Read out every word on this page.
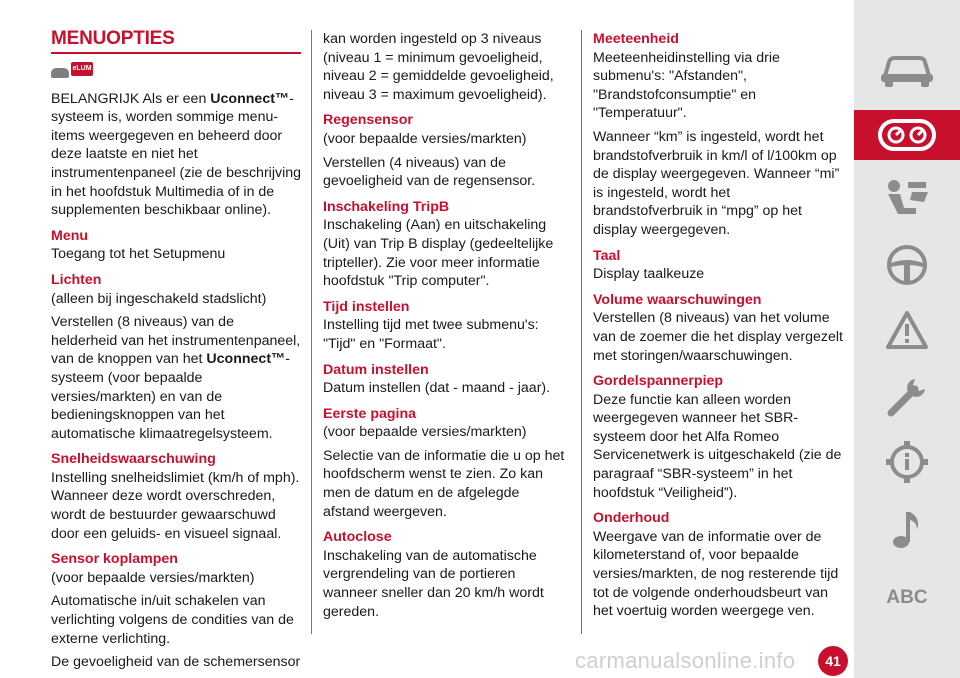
MENUOPTIES
eLUM

BELANGRIJK Als er een Uconnect™-systeem is, worden sommige menu-items weergegeven en beheerd door deze laatste en niet het instrumentenpaneel (zie de beschrijving in het hoofdstuk Multimedia of in de supplementen beschikbaar online).

Menu

Toegang tot het Setupmenu

Lichten

(alleen bij ingeschakeld stadslicht)

Verstellen (8 niveaus) van de helderheid van het instrumentenpaneel, van de knoppen van het Uconnect™-systeem (voor bepaalde versies/markten) en van de bedieningsknoppen van het automatische klimaatregelsysteem.

Snelheidswaarschuwing

Instelling snelheidslimiet (km/h of mph). Wanneer deze wordt overschreden, wordt de bestuurder gewaarschuwd door een geluids- en visueel signaal.

Sensor koplampen

(voor bepaalde versies/markten)

Automatische in/uit schakelen van verlichting volgens de condities van de externe verlichting.

De gevoeligheid van de schemersensor

kan worden ingesteld op 3 niveaus (niveau 1 = minimum gevoeligheid, niveau 2 = gemiddelde gevoeligheid, niveau 3 = maximum gevoeligheid).

Regensensor

(voor bepaalde versies/markten)

Verstellen (4 niveaus) van de gevoeligheid van de regensensor.

Inschakeling TripB

Inschakeling (Aan) en uitschakeling (Uit) van Trip B display (gedeeltelijke tripteller). Zie voor meer informatie hoofdstuk "Trip computer".

Tijd instellen

Instelling tijd met twee submenu's: "Tijd" en "Formaat".

Datum instellen

Datum instellen (dat - maand - jaar).

Eerste pagina

(voor bepaalde versies/markten)

Selectie van de informatie die u op het hoofdscherm wenst te zien. Zo kan men de datum en de afgelegde afstand weergeven.

Autoclose

Inschakeling van de automatische vergrendeling van de portieren wanneer sneller dan 20 km/h wordt gereden.

Meeteenheid

Meeteenheidinstelling via drie submenu's: "Afstanden", "Brandstofconsumptie" en "Temperatuur".

Wanneer “km” is ingesteld, wordt het brandstofverbruik in km/l of l/100km op de display weergegeven. Wanneer “mi” is ingesteld, wordt het brandstofverbruik in “mpg” op het display weergegeven.

Taal

Display taalkeuze

Volume waarschuwingen

Verstellen (8 niveaus) van het volume van de zoemer die het display vergezelt met storingen/waarschuwingen.

Gordelspannerpiep

Deze functie kan alleen worden weergegeven wanneer het SBR-systeem door het Alfa Romeo Servicenetwerk is uitgeschakeld (zie de paragraaf “SBR-systeem” in het hoofdstuk “Veiligheid”).

Onderhoud

Weergave van de informatie over de kilometerstand of, voor bepaalde versies/markten, de nog resterende tijd tot de volgende onderhoudsbeurt van het voertuig worden weergege ven.

ABC
carmanualsonline.info	41
